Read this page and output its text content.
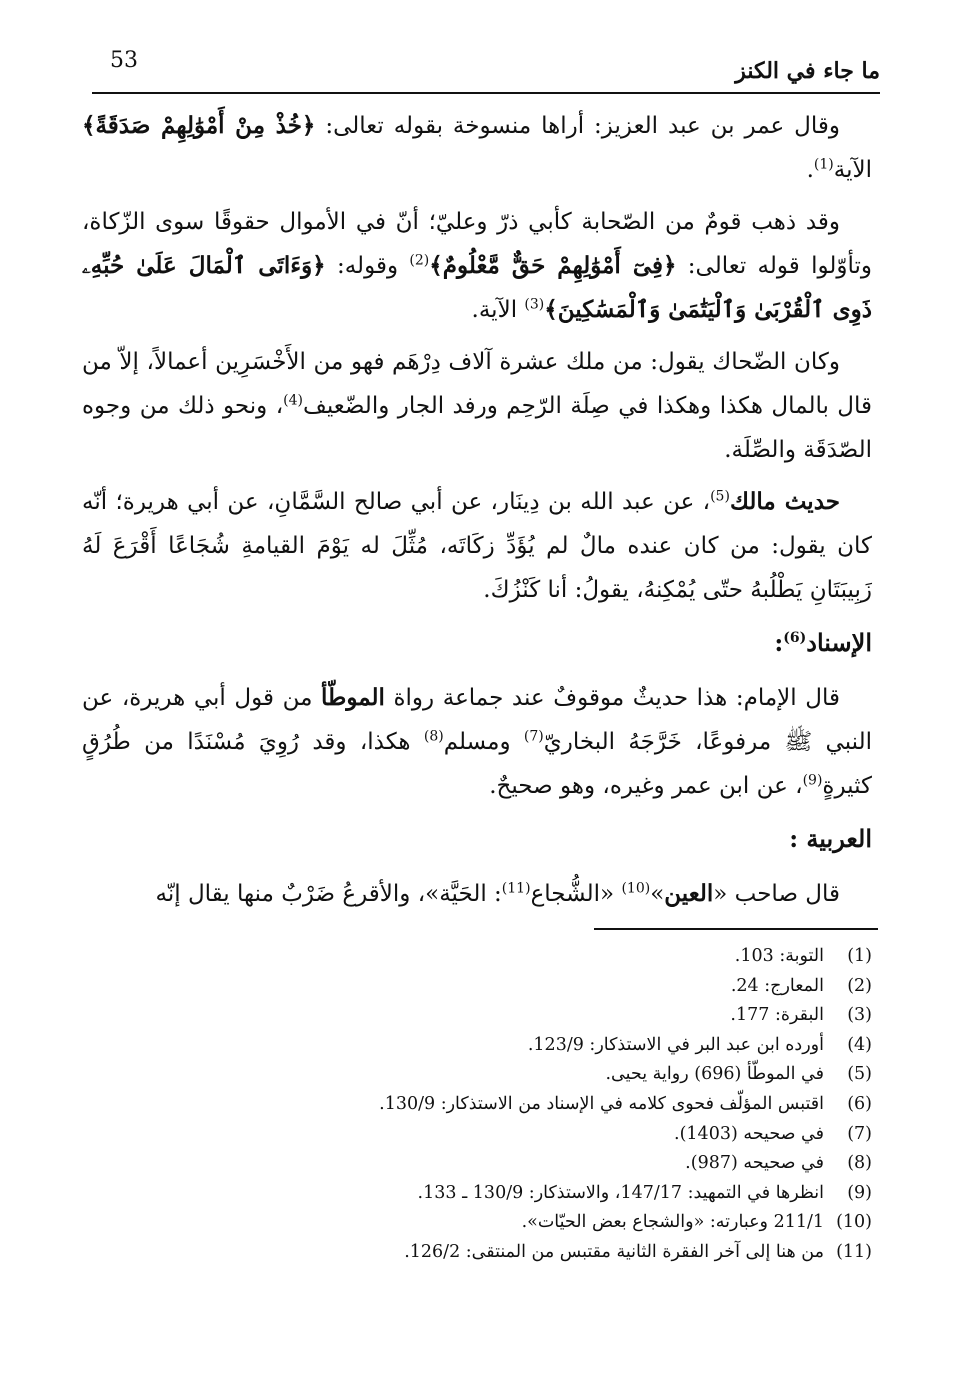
53	ما جاء في الكنز

وقال عمر بن عبد العزيز: أراها منسوخة بقوله تعالى: ﴿خُذْ مِنْ أَمْوَٰلِهِمْ صَدَقَةً﴾ الآية$^{(1)}$.

وقد ذهب قومٌ من الصّحابة كأبي ذرّ وعليّ؛ أنّ في الأموال حقوقًا سوى الزّكاة، وتأوّلوا قوله تعالى: ﴿فِىٓ أَمْوَٰلِهِمْ حَقٌّ مَّعْلُومٌ﴾$^{(2)}$ وقوله: ﴿وَءَاتَى ٱلْمَالَ عَلَىٰ حُبِّهِۦ ذَوِى ٱلْقُرْبَىٰ وَٱلْيَتَٰمَىٰ وَٱلْمَسَٰكِينَ﴾$^{(3)}$ الآية.

وكان الضّحاك يقول: من ملك عشرة آلاف دِرْهَم فهو من الأَخْسَرِين أعمالاً، إلاّ من قال بالمال هكذا وهكذا في صِلَة الرّحِم ورفد الجار والضّعيف$^{(4)}$، ونحو ذلك من وجوه الصّدَقَة والصِّلَة.

حديث مالك$^{(5)}$، عن عبد الله بن دِينَار، عن أبي صالح السَّمَّانِ، عن أبي هريرة؛ أنّه كان يقول: من كان عنده مالٌ لم يُؤَدِّ زكَاتَه، مُثِّلَ له يَوْمَ القيامةِ شُجَاعًا أَقْرَعَ لَهُ زَبِيبَتَانِ يَطْلُبهُ حتّى يُمْكِنهُ، يقولُ: أنا كَنْزُكَ.

الإسناد$^{(6)}$:

قال الإمام: هذا حديثٌ موقوفٌ عند جماعة رواة الموطّأ من قول أبي هريرة، عن النبي ﷺ مرفوعًا، خَرَّجَهُ البخاريّ$^{(7)}$ ومسلم$^{(8)}$ هكذا، وقد رُوِيَ مُسْنَدًا من طُرُقٍ كثيرةٍ$^{(9)}$، عن ابن عمر وغيره، وهو صحيحٌ.

العربية :

قال صاحب «العين»$^{(10)}$ «الشُّجاع$^{(11)}$: الحَيَّة»، والأقرعُ ضَرْبٌ منها يقال إنّه

(1)
التوبة: 103.
(2)
المعارج: 24.
(3)
البقرة: 177.
(4)
أورده ابن عبد البر في الاستذكار: 123/9.
(5)
في الموطّأ (696) رواية يحيى.
(6)
اقتبس المؤلّف فحوى كلامه في الإسناد من الاستذكار: 130/9.
(7)
في صحيحه (1403).
(8)
في صحيحه (987).
(9)
انظرها في التمهيد: 147/17، والاستذكار: 130/9 ـ 133.
(10)
211/1 وعبارته: «والشجاع بعض الحيّات».
(11)
من هنا إلى آخر الفقرة الثانية مقتبس من المنتقى: 126/2.
